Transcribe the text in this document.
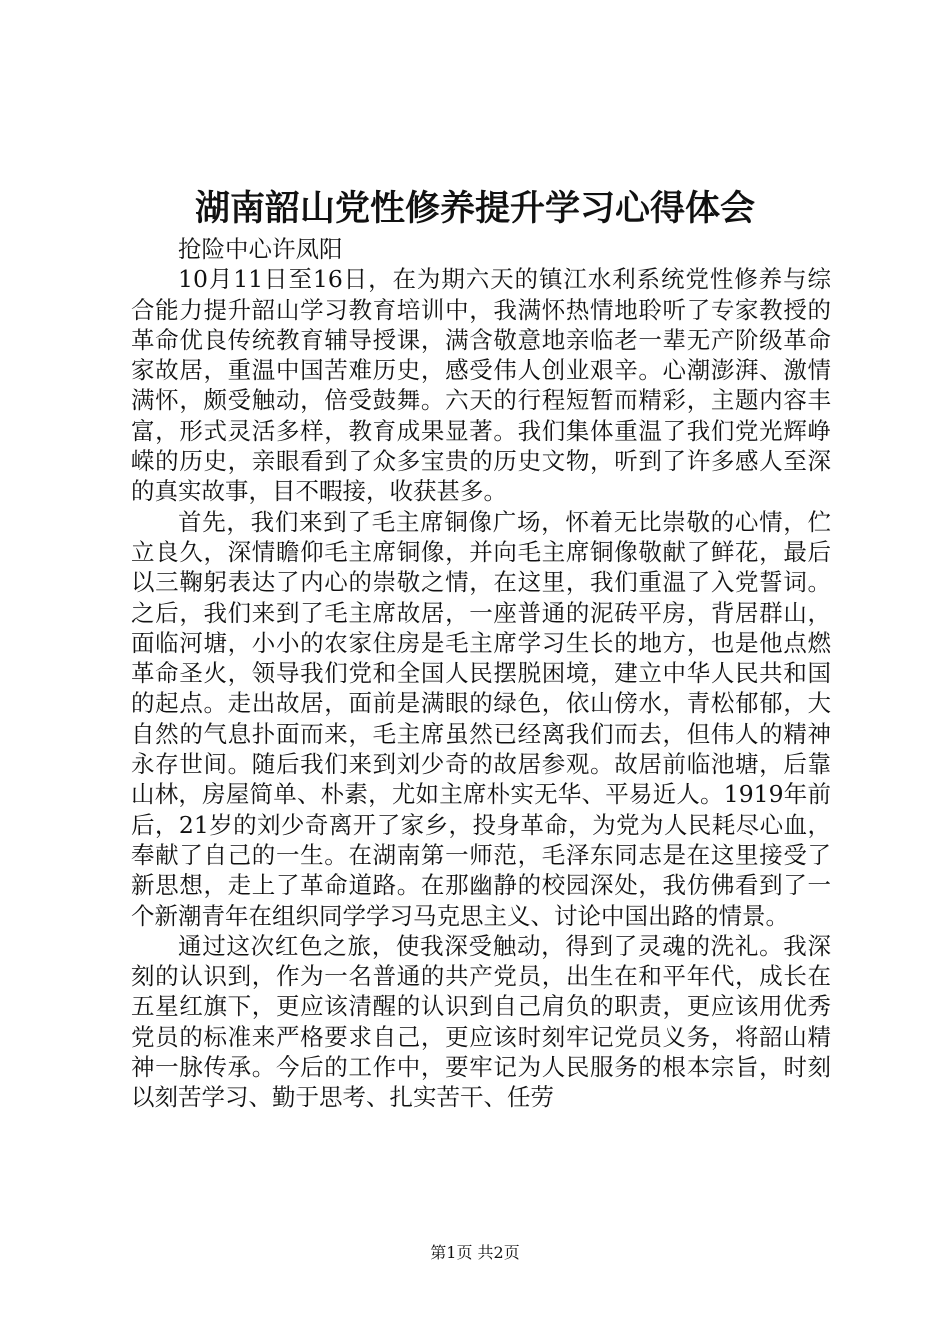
湖南韶山党性修养提升学习心得体会

抢险中心许凤阳

10月11日至16日，在为期六天的镇江水利系统党性修养与综合能力提升韶山学习教育培训中，我满怀热情地聆听了专家教授的革命优良传统教育辅导授课，满含敬意地亲临老一辈无产阶级革命家故居，重温中国苦难历史，感受伟人创业艰辛。心潮澎湃、激情满怀，颇受触动，倍受鼓舞。六天的行程短暂而精彩，主题内容丰富，形式灵活多样，教育成果显著。我们集体重温了我们党光辉峥嵘的历史，亲眼看到了众多宝贵的历史文物，听到了许多感人至深的真实故事，目不暇接，收获甚多。

首先，我们来到了毛主席铜像广场，怀着无比崇敬的心情，伫立良久，深情瞻仰毛主席铜像，并向毛主席铜像敬献了鲜花，最后以三鞠躬表达了内心的崇敬之情，在这里，我们重温了入党誓词。之后，我们来到了毛主席故居，一座普通的泥砖平房，背居群山，面临河塘，小小的农家住房是毛主席学习生长的地方，也是他点燃革命圣火，领导我们党和全国人民摆脱困境，建立中华人民共和国的起点。走出故居，面前是满眼的绿色，依山傍水，青松郁郁，大自然的气息扑面而来，毛主席虽然已经离我们而去，但伟人的精神永存世间。随后我们来到刘少奇的故居参观。故居前临池塘，后靠山林，房屋简单、朴素，尤如主席朴实无华、平易近人。1919年前后，21岁的刘少奇离开了家乡，投身革命，为党为人民耗尽心血，奉献了自己的一生。在湖南第一师范，毛泽东同志是在这里接受了新思想，走上了革命道路。在那幽静的校园深处，我仿佛看到了一个新潮青年在组织同学学习马克思主义、讨论中国出路的情景。

通过这次红色之旅，使我深受触动，得到了灵魂的洗礼。我深刻的认识到，作为一名普通的共产党员，出生在和平年代，成长在五星红旗下，更应该清醒的认识到自己肩负的职责，更应该用优秀党员的标准来严格要求自己，更应该时刻牢记党员义务，将韶山精神一脉传承。今后的工作中，要牢记为人民服务的根本宗旨，时刻以刻苦学习、勤于思考、扎实苦干、任劳

第1页 共2页
